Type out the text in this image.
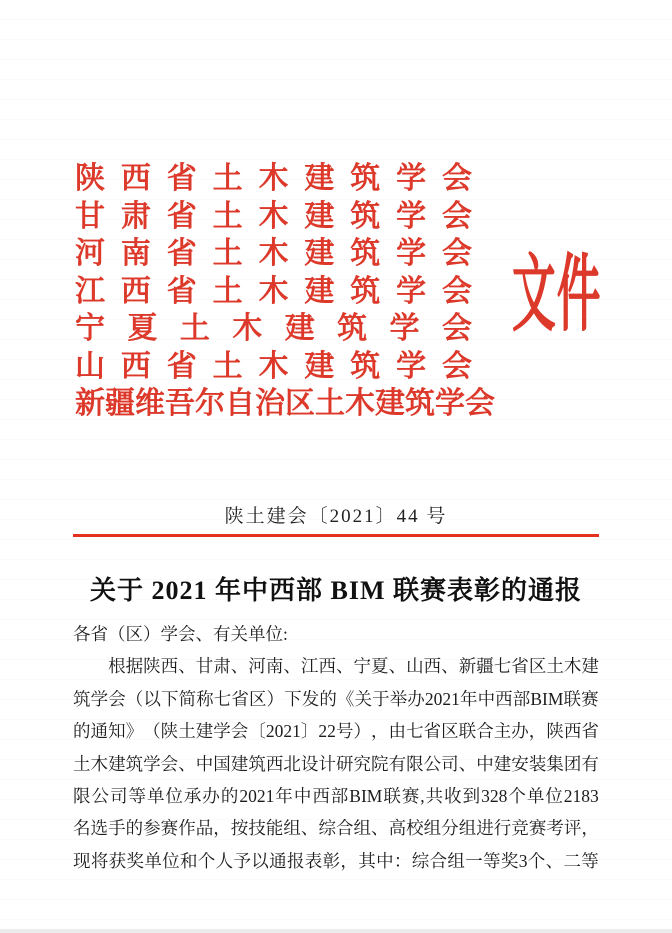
陕 西 省 土 木 建 筑 学 会
甘 肃 省 土 木 建 筑 学 会
河 南 省 土 木 建 筑 学 会
江 西 省 土 木 建 筑 学 会
宁 夏 土 木 建 筑 学 会
山 西 省 土 木 建 筑 学 会
新 疆 维 吾 尔 自 治 区 土 木 建 筑 学 会
文件
陕土建会〔2021〕44 号
关于 2021 年中西部 BIM 联赛表彰的通报
各省（区）学会、有关单位:

根 据 陕 西 、 甘 肃 、 河 南 、 江 西 、 宁 夏 、 山 西 、 新 疆 七 省 区 土 木 建
筑 学 会 （ 以 下 简 称 七 省 区 ） 下 发 的 《 关 于 举 办 2021 年 中 西 部 BIM 联 赛
的 通 知 》 （ 陕 土 建 学 会 〔 2021 〕 22 号 ） ， 由 七 省 区 联 合 主 办 ， 陕 西 省
土 木 建 筑 学 会 、 中 国 建 筑 西 北 设 计 研 究 院 有 限 公 司 、 中 建 安 装 集 团 有
限 公 司 等 单 位 承 办 的 2021 年 中 西 部 BIM 联 赛 , 共 收 到 328 个 单 位 2183
名 选 手 的 参 赛 作 品 ， 按 技 能 组 、 综 合 组 、 高 校 组 分 组 进 行 竞 赛 考 评 ，
现 将 获 奖 单 位 和 个 人 予 以 通 报 表 彰 ， 其 中 ： 综 合 组 一 等 奖 3 个 、 二 等
